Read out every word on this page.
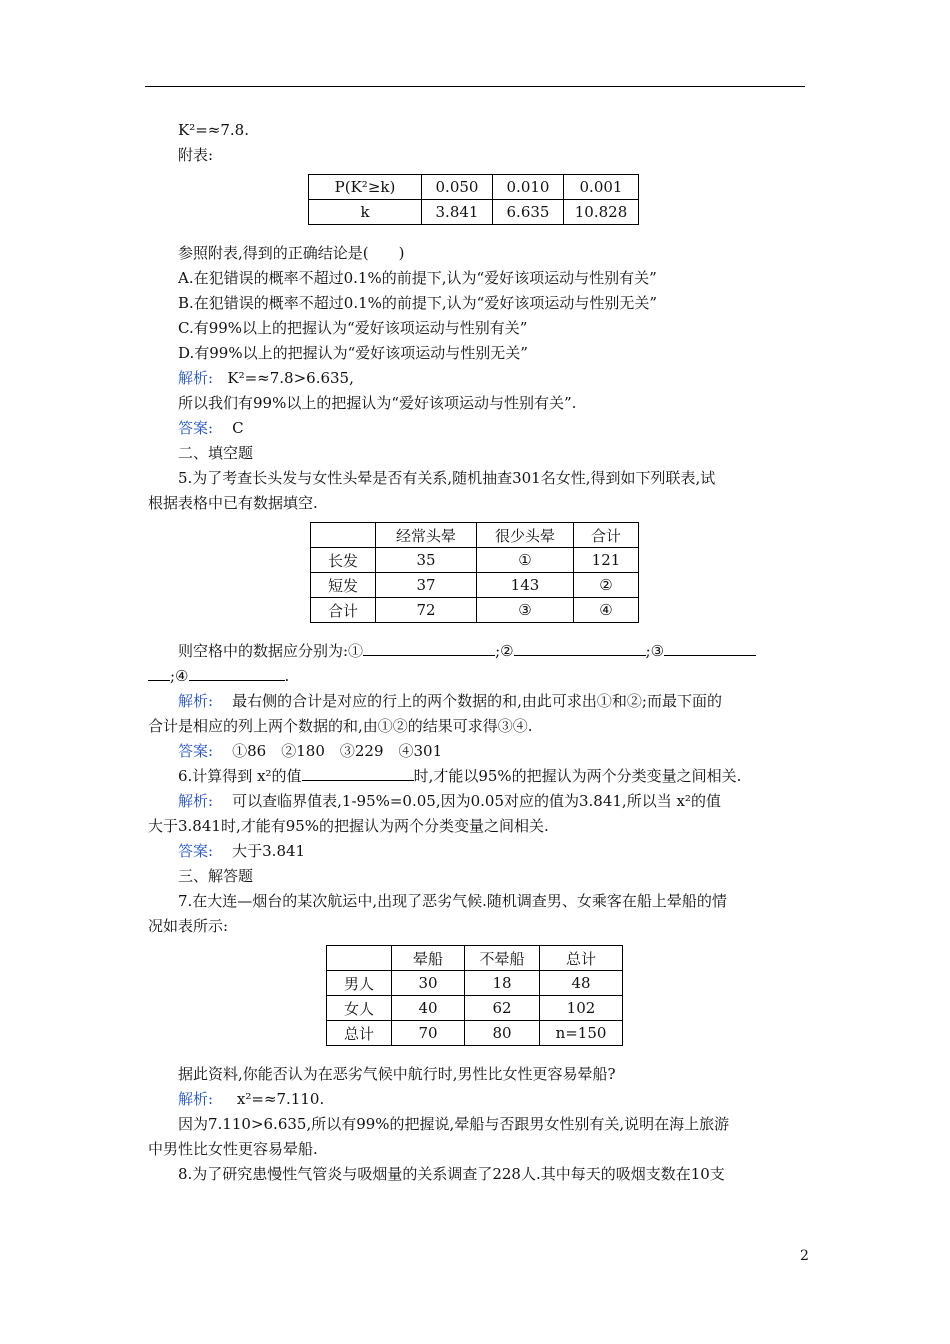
K²=≈7.8.

附表:

P(K²≥k)	0.050	0.010	0.001
k	3.841	6.635	10.828

参照附表,得到的正确结论是(　　)

A.在犯错误的概率不超过0.1%的前提下,认为“爱好该项运动与性别有关”

B.在犯错误的概率不超过0.1%的前提下,认为“爱好该项运动与性别无关”

C.有99%以上的把握认为“爱好该项运动与性别有关”

D.有99%以上的把握认为“爱好该项运动与性别无关”

解析: K²=≈7.8>6.635,

所以我们有99%以上的把握认为“爱好该项运动与性别有关”.

答案: C

二、填空题

5.为了考查长头发与女性头晕是否有关系,随机抽查301名女性,得到如下列联表,试

根据表格中已有数据填空.

	经常头晕	很少头晕	合计
长发	35	①	121
短发	37	143	②
合计	72	③	④

则空格中的数据应分别为:①	;②	;③

;④	.

解析: 最右侧的合计是对应的行上的两个数据的和,由此可求出①和②;而最下面的

合计是相应的列上两个数据的和,由①②的结果可求得③④.

答案: ①86　②180　③229　④301

6.计算得到 x²的值	时,才能以95%的把握认为两个分类变量之间相关.

解析: 可以查临界值表,1-95%=0.05,因为0.05对应的值为3.841,所以当 x²的值

大于3.841时,才能有95%的把握认为两个分类变量之间相关.

答案: 大于3.841

三、解答题

7.在大连—烟台的某次航运中,出现了恶劣气候.随机调查男、女乘客在船上晕船的情

况如表所示:

	晕船	不晕船	总计
男人	30	18	48
女人	40	62	102
总计	70	80	n=150

据此资料,你能否认为在恶劣气候中航行时,男性比女性更容易晕船?

解析: x²=≈7.110.

因为7.110>6.635,所以有99%的把握说,晕船与否跟男女性别有关,说明在海上旅游

中男性比女性更容易晕船.

8.为了研究患慢性气管炎与吸烟量的关系调查了228人.其中每天的吸烟支数在10支

2
